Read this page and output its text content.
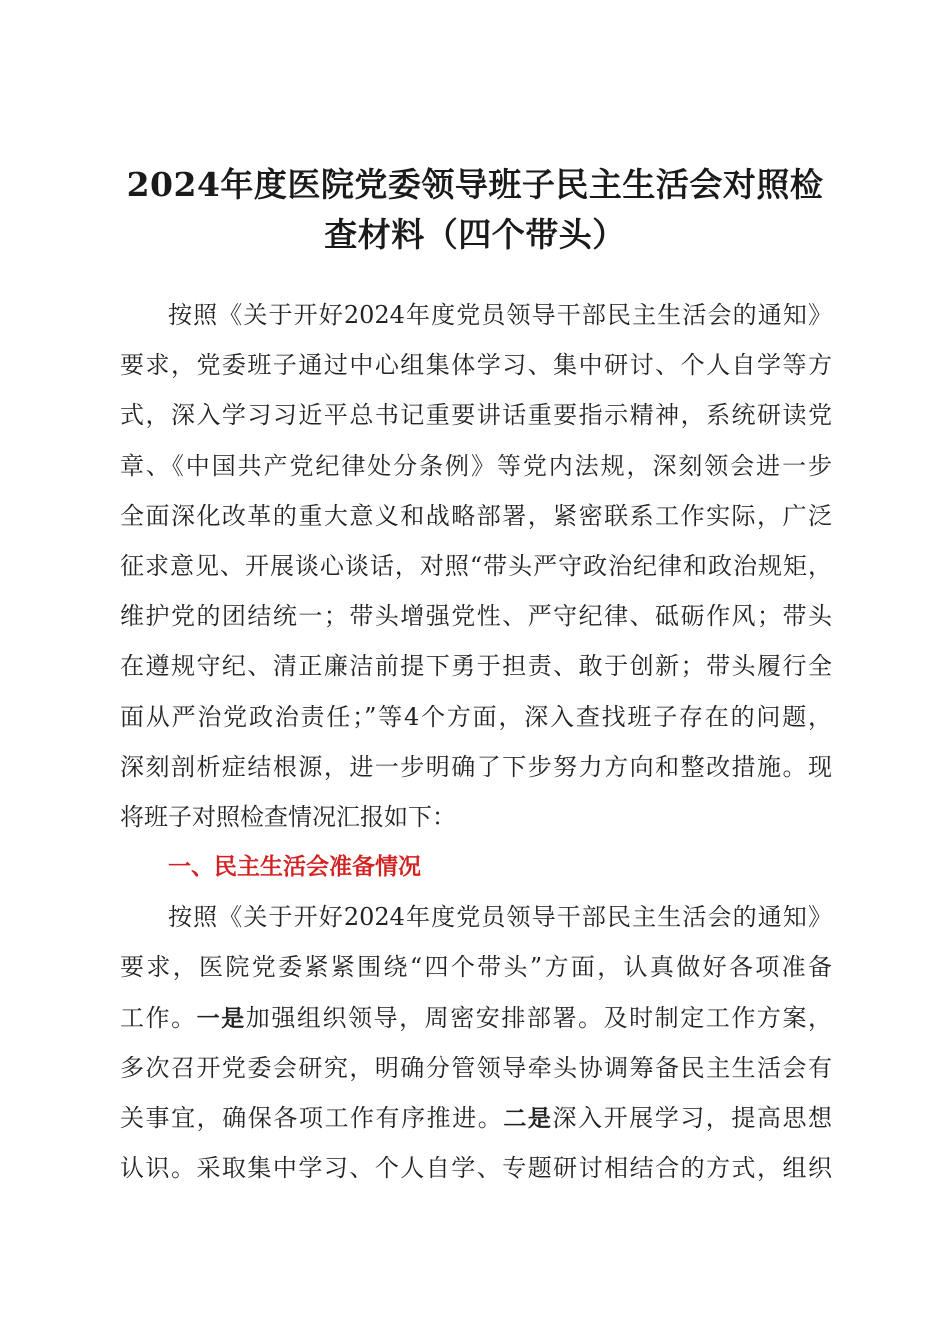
2024年度医院党委领导班子民主生活会对照检
查材料（四个带头）
按照《关于开好2024年度党员领导干部民主生活会的通知》
要求，党委班子通过中心组集体学习、集中研讨、个人自学等方
式，深入学习习近平总书记重要讲话重要指示精神，系统研读党
章、《中国共产党纪律处分条例》等党内法规，深刻领会进一步
全面深化改革的重大意义和战略部署，紧密联系工作实际，广泛
征求意见、开展谈心谈话，对照“带头严守政治纪律和政治规矩，
维护党的团结统一；带头增强党性、严守纪律、砥砺作风；带头
在遵规守纪、清正廉洁前提下勇于担责、敢于创新；带头履行全
面从严治党政治责任；”等4个方面，深入查找班子存在的问题，
深刻剖析症结根源，进一步明确了下步努力方向和整改措施。现
将班子对照检查情况汇报如下：
一、民主生活会准备情况
按照《关于开好2024年度党员领导干部民主生活会的通知》
要求，医院党委紧紧围绕“四个带头”方面，认真做好各项准备
工作。一是加强组织领导，周密安排部署。及时制定工作方案，
多次召开党委会研究，明确分管领导牵头协调筹备民主生活会有
关事宜，确保各项工作有序推进。二是深入开展学习，提高思想
认识。采取集中学习、个人自学、专题研讨相结合的方式，组织
